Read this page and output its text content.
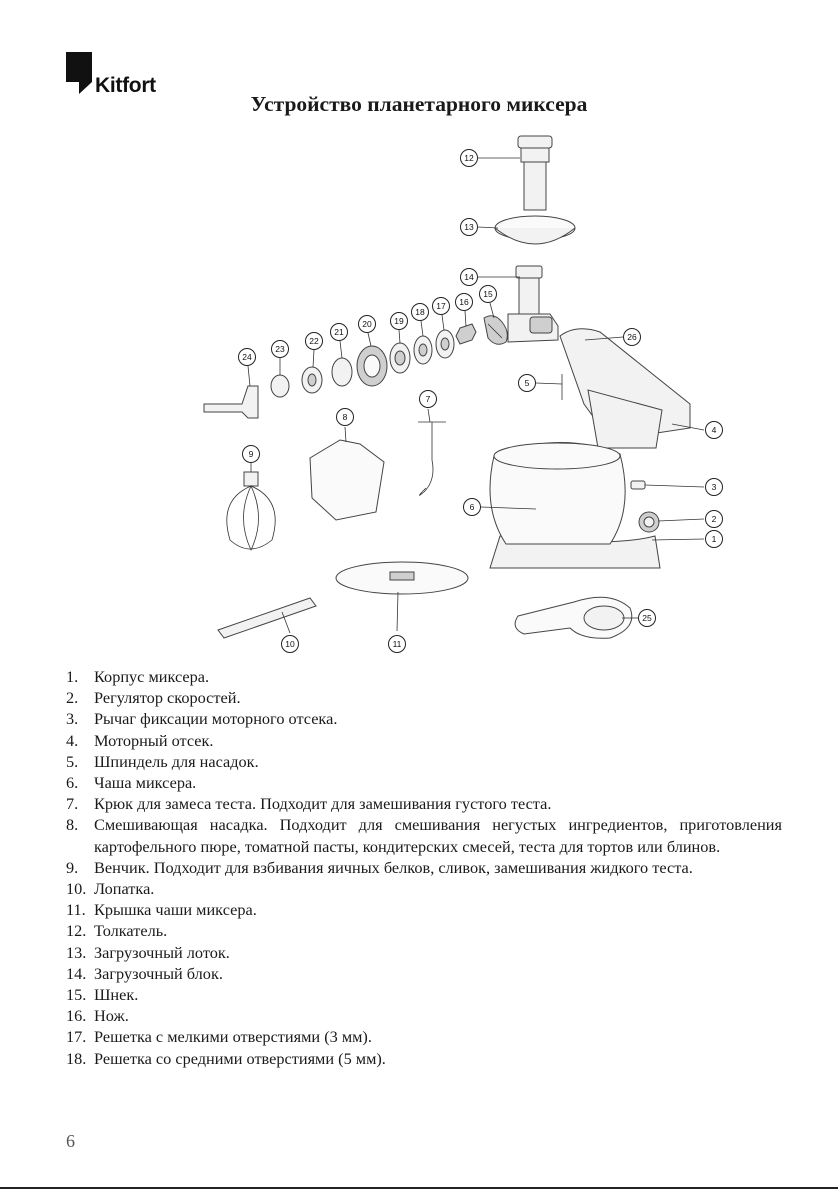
Kitfort
Устройство планетарного миксера
1
2
3
4
5
6
7
8
9
10	11
12
13
14
15
16
17
18
19
20
21
22
23
24
25
26
1. Корпус миксера.
2. Регулятор скоростей.
3. Рычаг фиксации моторного отсека.
4. Моторный отсек.
5. Шпиндель для насадок.
6. Чаша миксера.
7. Крюк для замеса теста. Подходит для замешивания густого теста.
8. Смешивающая насадка. Подходит для смешивания негустых ингредиентов, приготовления картофельного пюре, томатной пасты, кондитерских смесей, теста для тортов или блинов.
9. Венчик. Подходит для взбивания яичных белков, сливок, замешивания жидкого теста.
10. Лопатка.
11. Крышка чаши миксера.
12. Толкатель.
13. Загрузочный лоток.
14. Загрузочный блок.
15. Шнек.
16. Нож.
17. Решетка с мелкими отверстиями (3 мм).
18. Решетка со средними отверстиями (5 мм).
6
